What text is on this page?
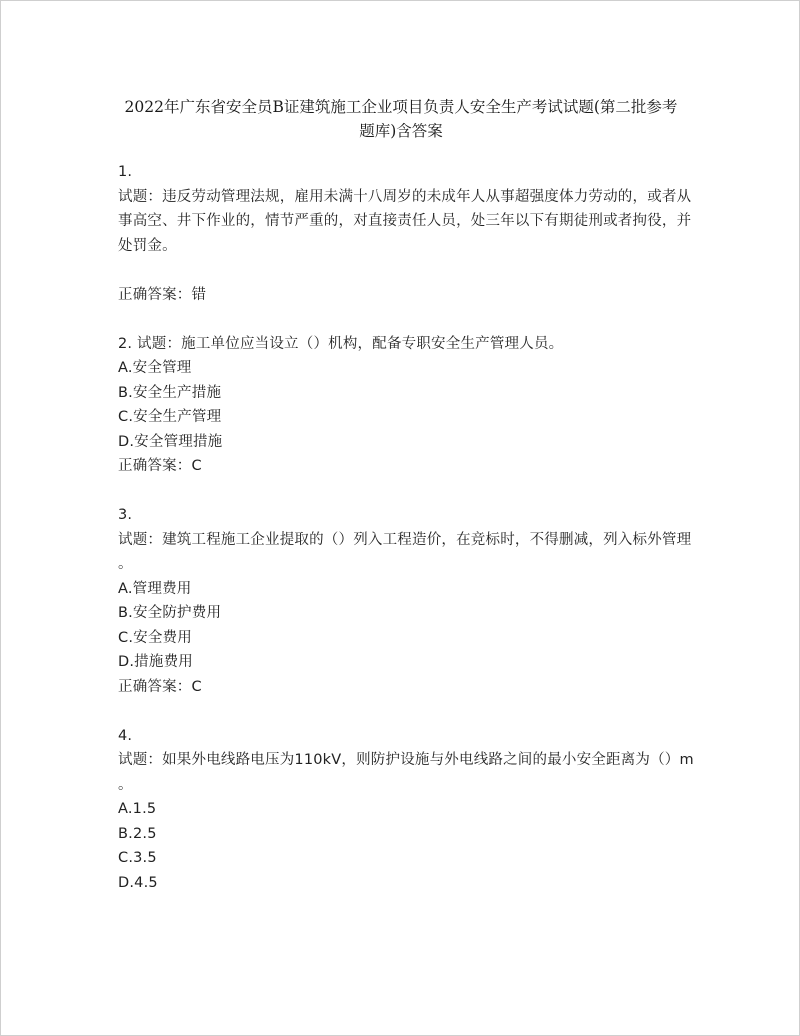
2022年广东省安全员B证建筑施工企业项目负责人安全生产考试试题(第二批参考
题库)含答案

1.

试题：违反劳动管理法规，雇用未满十八周岁的未成年人从事超强度体力劳动的，或者从

事高空、井下作业的，情节严重的，对直接责任人员，处三年以下有期徒刑或者拘役，并

处罚金。

正确答案：错

2. 试题：施工单位应当设立（）机构，配备专职安全生产管理人员。

A.安全管理

B.安全生产措施

C.安全生产管理

D.安全管理措施

正确答案：C

3.

试题：建筑工程施工企业提取的（）列入工程造价，在竞标时，不得删减，列入标外管理

。

A.管理费用

B.安全防护费用

C.安全费用

D.措施费用

正确答案：C

4.

试题：如果外电线路电压为110kV，则防护设施与外电线路之间的最小安全距离为（）m

。

A.1.5

B.2.5

C.3.5

D.4.5
